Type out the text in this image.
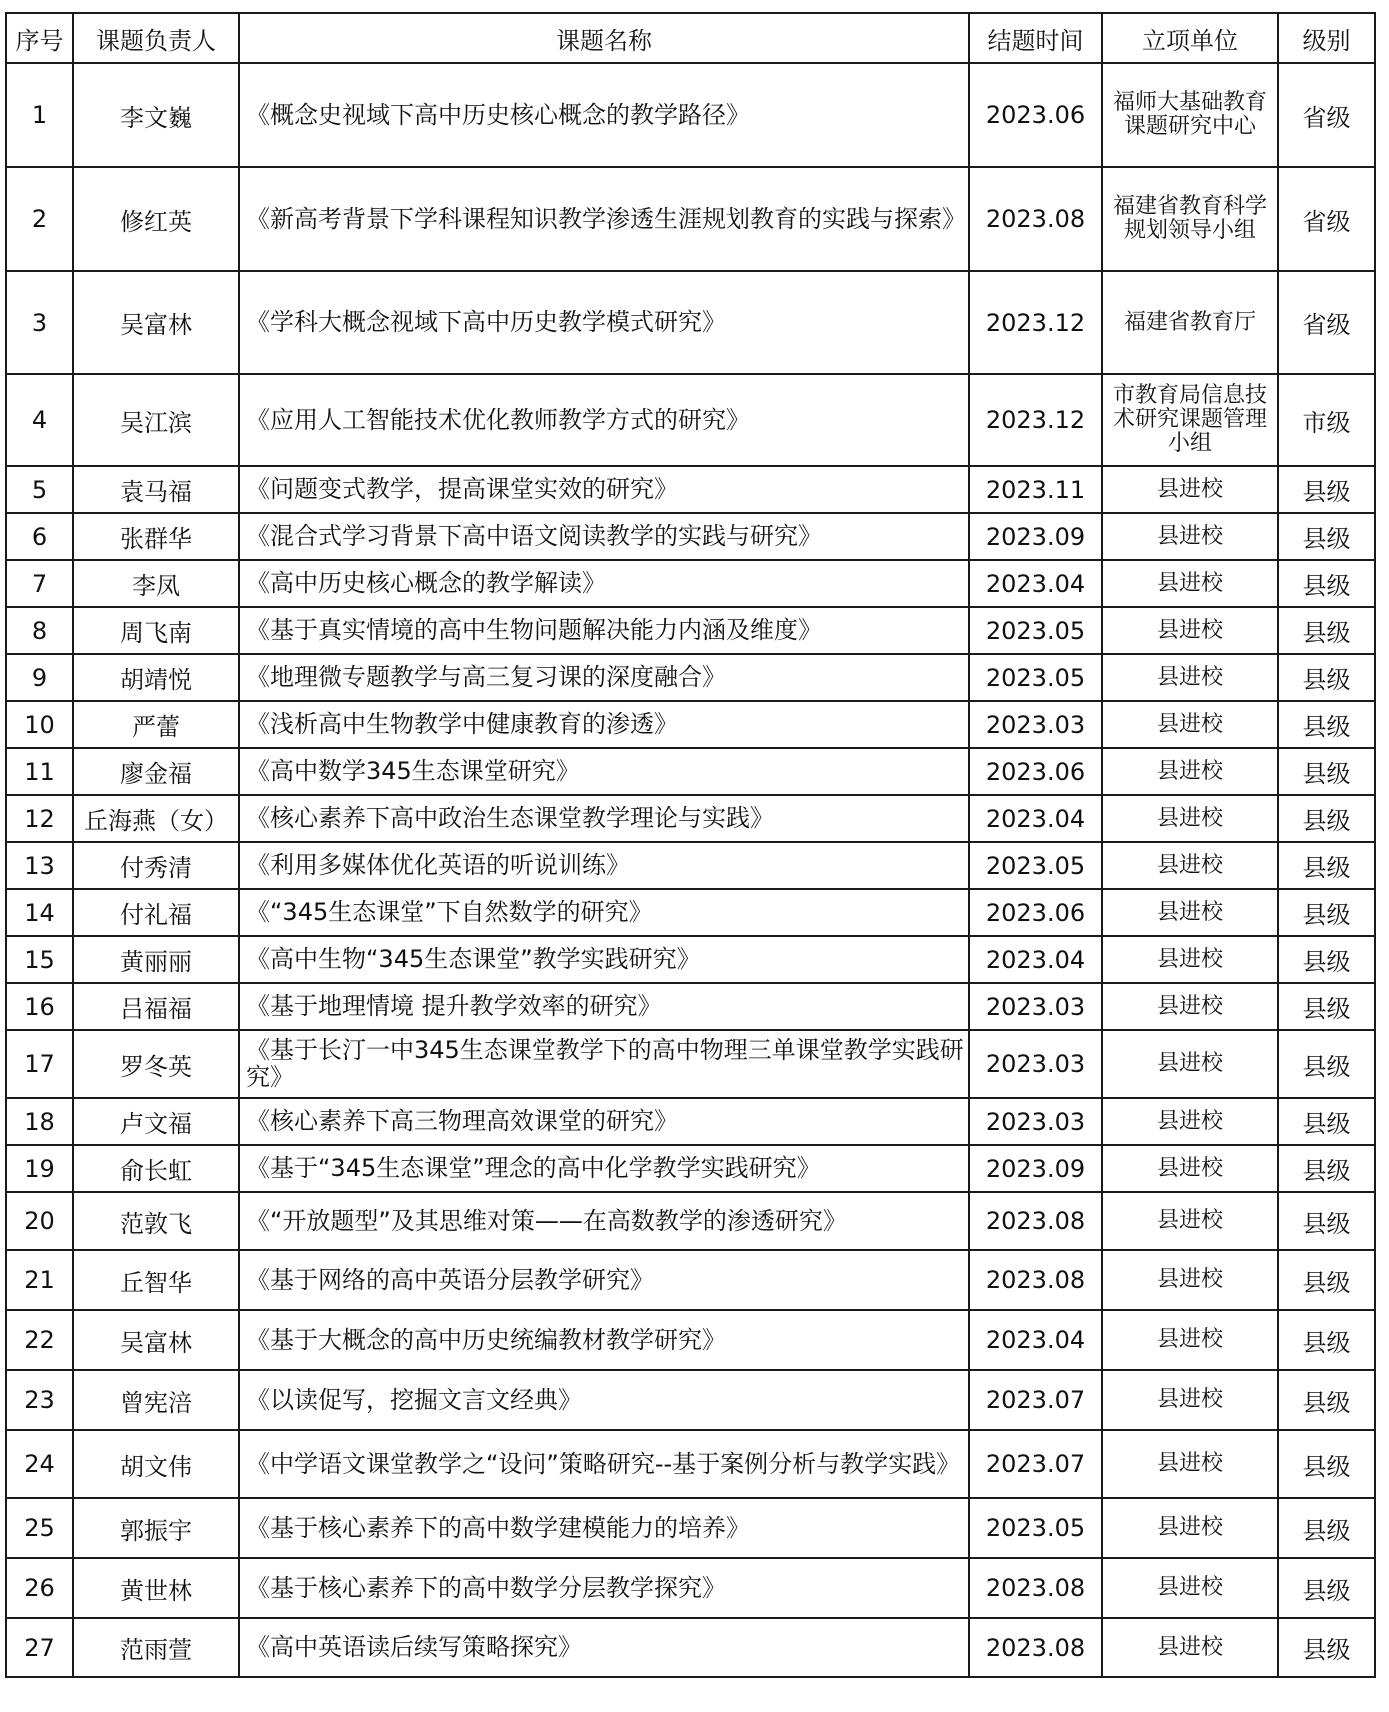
序号	课题负责人	课题名称	结题时间	立项单位	级别
1	李文巍	《概念史视域下高中历史核心概念的教学路径》	2023.06	福师大基础教育课题研究中心	省级
2	修红英	《新高考背景下学科课程知识教学渗透生涯规划教育的实践与探索》	2023.08	福建省教育科学规划领导小组	省级
3	吴富林	《学科大概念视域下高中历史教学模式研究》	2023.12	福建省教育厅	省级
4	吴江滨	《应用人工智能技术优化教师教学方式的研究》	2023.12	市教育局信息技术研究课题管理小组	市级
5	袁马福	《问题变式教学，提高课堂实效的研究》	2023.11	县进校	县级
6	张群华	《混合式学习背景下高中语文阅读教学的实践与研究》	2023.09	县进校	县级
7	李凤	《高中历史核心概念的教学解读》	2023.04	县进校	县级
8	周飞南	《基于真实情境的高中生物问题解决能力内涵及维度》	2023.05	县进校	县级
9	胡靖悦	《地理微专题教学与高三复习课的深度融合》	2023.05	县进校	县级
10	严蕾	《浅析高中生物教学中健康教育的渗透》	2023.03	县进校	县级
11	廖金福	《高中数学345生态课堂研究》	2023.06	县进校	县级
12	丘海燕（女）	《核心素养下高中政治生态课堂教学理论与实践》	2023.04	县进校	县级
13	付秀清	《利用多媒体优化英语的听说训练》	2023.05	县进校	县级
14	付礼福	《“345生态课堂”下自然数学的研究》	2023.06	县进校	县级
15	黄丽丽	《高中生物“345生态课堂”教学实践研究》	2023.04	县进校	县级
16	吕福福	《基于地理情境 提升教学效率的研究》	2023.03	县进校	县级
17	罗冬英	《基于长汀一中345生态课堂教学下的高中物理三单课堂教学实践研究》	2023.03	县进校	县级
18	卢文福	《核心素养下高三物理高效课堂的研究》	2023.03	县进校	县级
19	俞长虹	《基于“345生态课堂”理念的高中化学教学实践研究》	2023.09	县进校	县级
20	范敦飞	《“开放题型”及其思维对策——在高数教学的渗透研究》	2023.08	县进校	县级
21	丘智华	《基于网络的高中英语分层教学研究》	2023.08	县进校	县级
22	吴富林	《基于大概念的高中历史统编教材教学研究》	2023.04	县进校	县级
23	曾宪涪	《以读促写，挖掘文言文经典》	2023.07	县进校	县级
24	胡文伟	《中学语文课堂教学之“设问”策略研究--基于案例分析与教学实践》	2023.07	县进校	县级
25	郭振宇	《基于核心素养下的高中数学建模能力的培养》	2023.05	县进校	县级
26	黄世林	《基于核心素养下的高中数学分层教学探究》	2023.08	县进校	县级
27	范雨萱	《高中英语读后续写策略探究》	2023.08	县进校	县级
